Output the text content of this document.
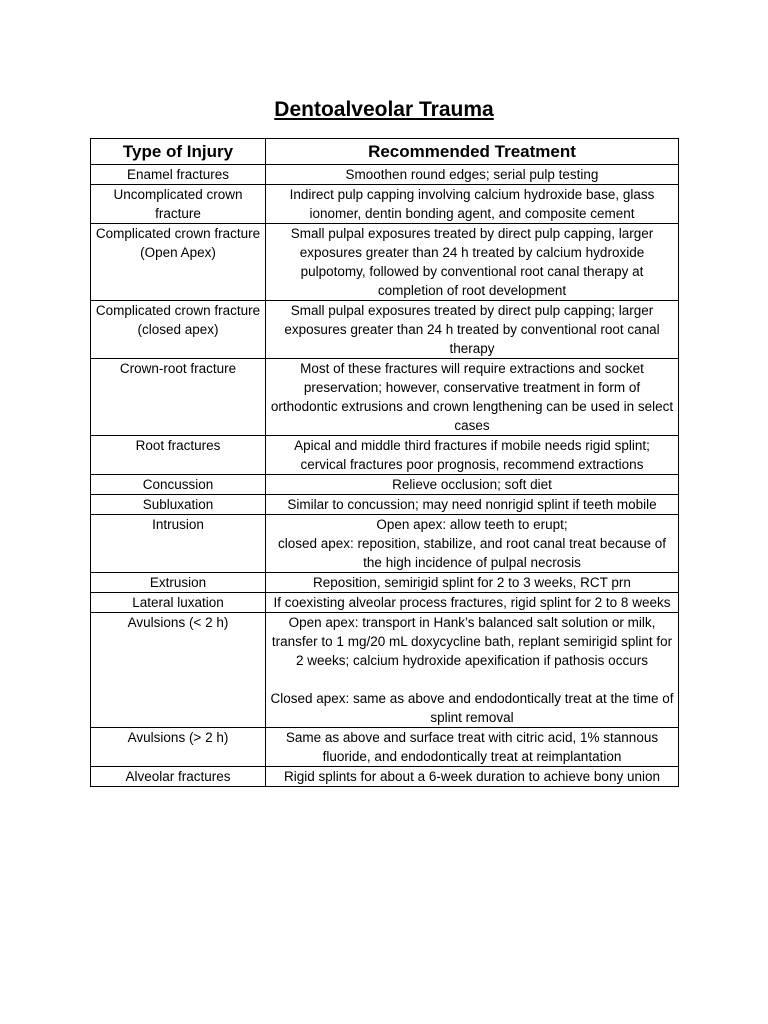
Dentoalveolar Trauma
Type of Injury	Recommended Treatment
Enamel fractures	Smoothen round edges; serial pulp testing
Uncomplicated crown fracture	Indirect pulp capping involving calcium hydroxide base, glass ionomer, dentin bonding agent, and composite cement
Complicated crown fracture (Open Apex)	Small pulpal exposures treated by direct pulp capping, larger exposures greater than 24 h treated by calcium hydroxide pulpotomy, followed by conventional root canal therapy at completion of root development
Complicated crown fracture (closed apex)	Small pulpal exposures treated by direct pulp capping; larger exposures greater than 24 h treated by conventional root canal therapy
Crown-root fracture	Most of these fractures will require extractions and socket preservation; however, conservative treatment in form of orthodontic extrusions and crown lengthening can be used in select cases
Root fractures	Apical and middle third fractures if mobile needs rigid splint; cervical fractures poor prognosis, recommend extractions
Concussion	Relieve occlusion; soft diet
Subluxation	Similar to concussion; may need nonrigid splint if teeth mobile
Intrusion	Open apex: allow teeth to erupt;
closed apex: reposition, stabilize, and root canal treat because of the high incidence of pulpal necrosis
Extrusion	Reposition, semirigid splint for 2 to 3 weeks, RCT prn
Lateral luxation	If coexisting alveolar process fractures, rigid splint for 2 to 8 weeks
Avulsions (< 2 h)	Open apex: transport in Hank’s balanced salt solution or milk, transfer to 1 mg/20 mL doxycycline bath, replant semirigid splint for 2 weeks; calcium hydroxide apexification if pathosis occurs

Closed apex: same as above and endodontically treat at the time of splint removal
Avulsions (> 2 h)	Same as above and surface treat with citric acid, 1% stannous fluoride, and endodontically treat at reimplantation
Alveolar fractures	Rigid splints for about a 6-week duration to achieve bony union
